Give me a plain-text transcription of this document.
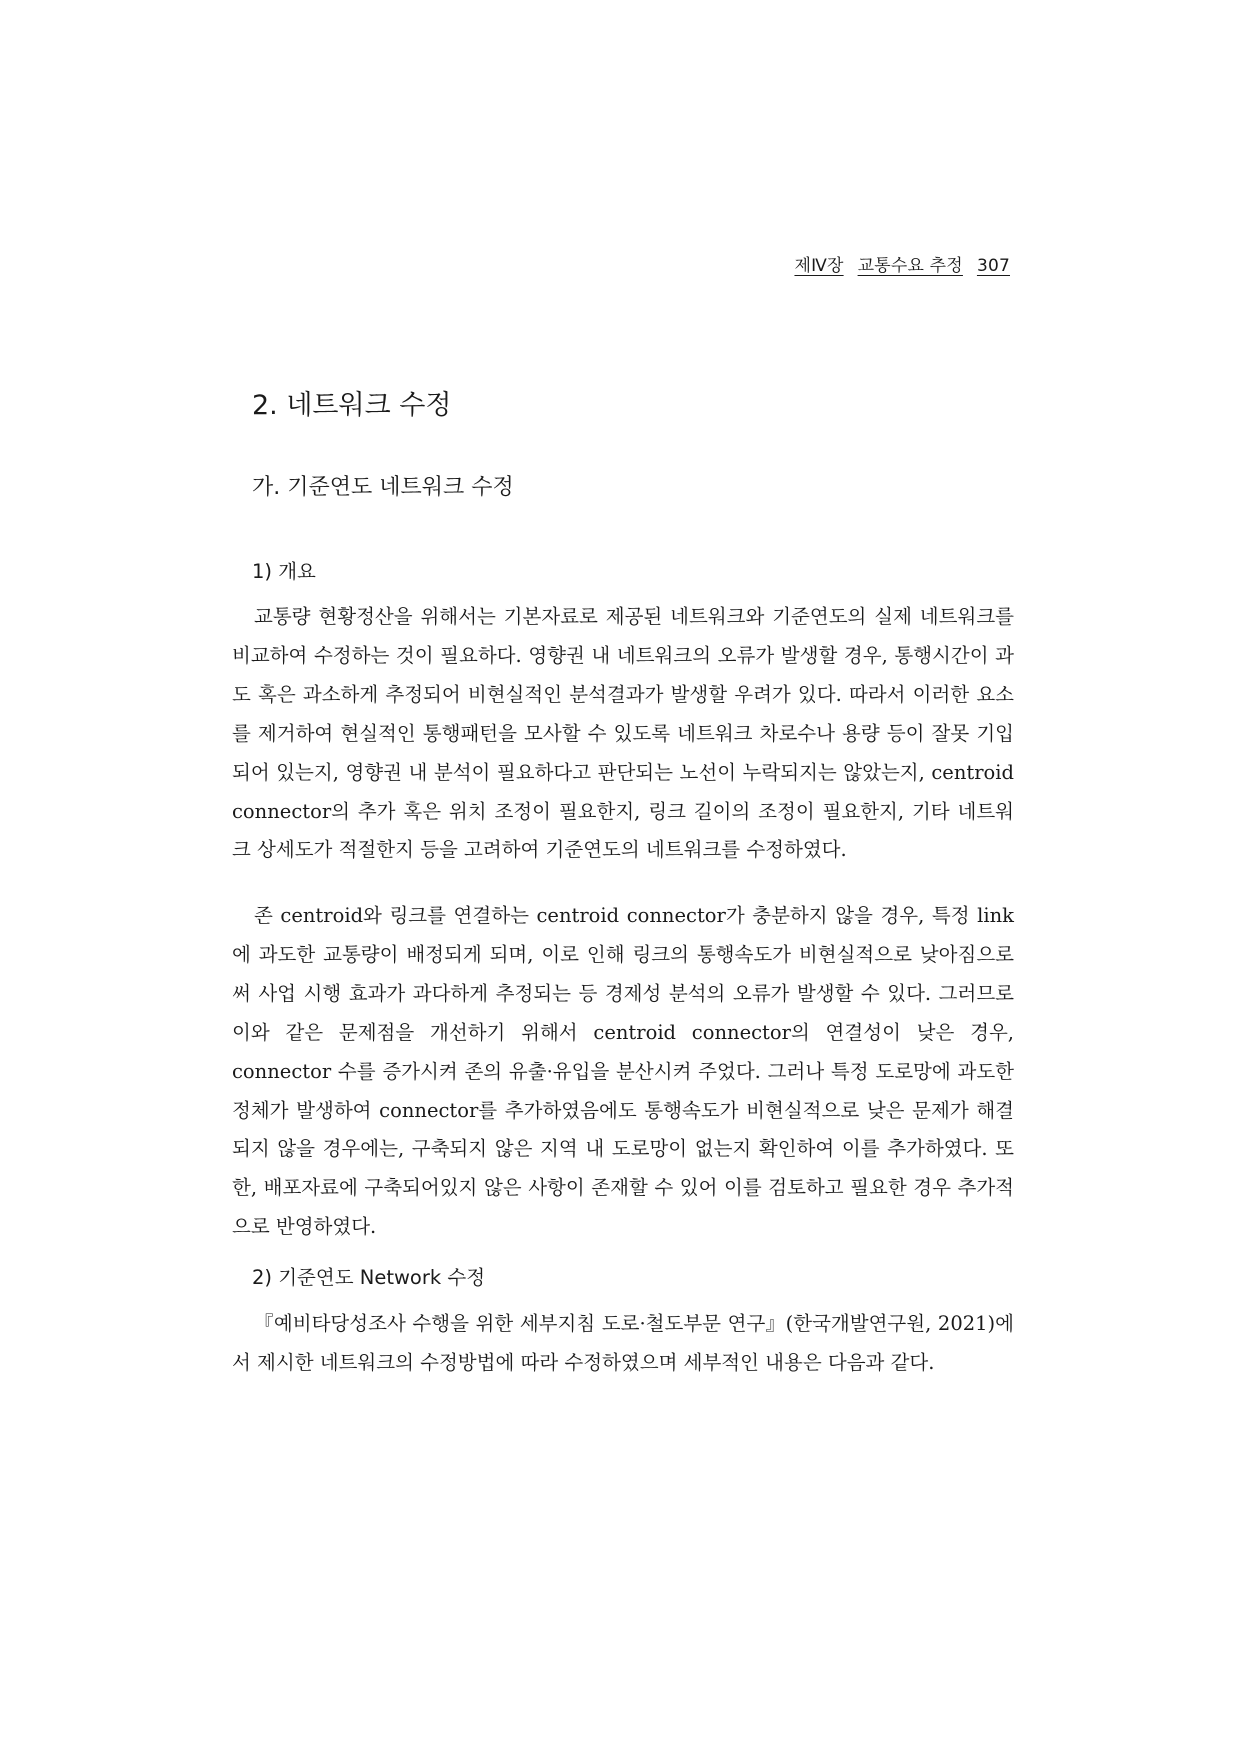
제Ⅳ장 교통수요 추정 307
2. 네트워크 수정
가. 기준연도 네트워크 수정
1) 개요

교통량 현황정산을 위해서는 기본자료로 제공된 네트워크와 기준연도의 실제 네트워크를 비교하여 수정하는 것이 필요하다. 영향권 내 네트워크의 오류가 발생할 경우, 통행시간이 과도 혹은 과소하게 추정되어 비현실적인 분석결과가 발생할 우려가 있다. 따라서 이러한 요소를 제거하여 현실적인 통행패턴을 모사할 수 있도록 네트워크 차로수나 용량 등이 잘못 기입되어 있는지, 영향권 내 분석이 필요하다고 판단되는 노선이 누락되지는 않았는지, centroid connector의 추가 혹은 위치 조정이 필요한지, 링크 길이의 조정이 필요한지, 기타 네트워크 상세도가 적절한지 등을 고려하여 기준연도의 네트워크를 수정하였다.

존 centroid와 링크를 연결하는 centroid connector가 충분하지 않을 경우, 특정 link에 과도한 교통량이 배정되게 되며, 이로 인해 링크의 통행속도가 비현실적으로 낮아짐으로써 사업 시행 효과가 과다하게 추정되는 등 경제성 분석의 오류가 발생할 수 있다. 그러므로 이와 같은 문제점을 개선하기 위해서 centroid connector의 연결성이 낮은 경우, connector 수를 증가시켜 존의 유출·유입을 분산시켜 주었다. 그러나 특정 도로망에 과도한 정체가 발생하여 connector를 추가하였음에도 통행속도가 비현실적으로 낮은 문제가 해결되지 않을 경우에는, 구축되지 않은 지역 내 도로망이 없는지 확인하여 이를 추가하였다. 또한, 배포자료에 구축되어있지 않은 사항이 존재할 수 있어 이를 검토하고 필요한 경우 추가적으로 반영하였다.

2) 기준연도 Network 수정

『예비타당성조사 수행을 위한 세부지침 도로·철도부문 연구』(한국개발연구원, 2021)에서 제시한 네트워크의 수정방법에 따라 수정하였으며 세부적인 내용은 다음과 같다.
